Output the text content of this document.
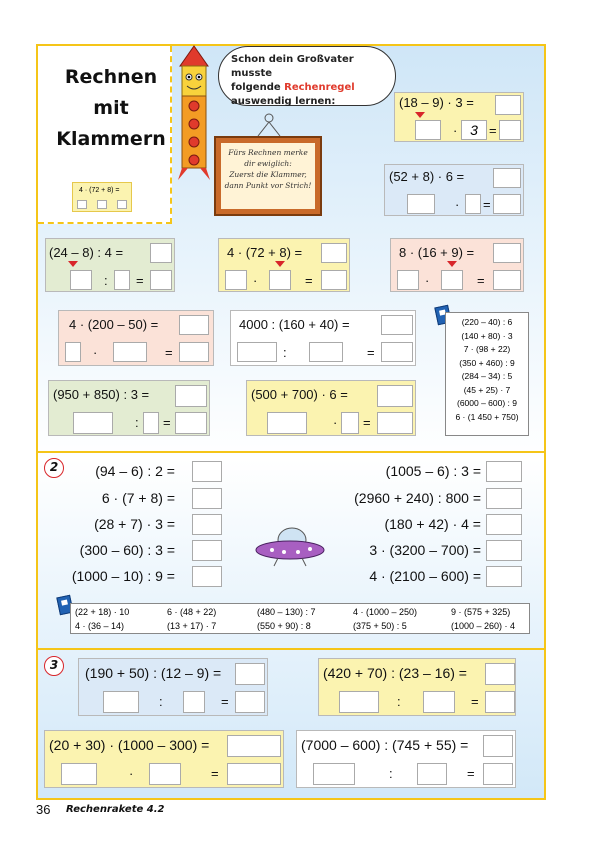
Rechnen
mit
Klammern
4 · (72 + 8) =
Schon dein Großvater musste
folgende Rechenregel
auswendig lernen:
Fürs Rechnen merke
dir ewiglich:
Zuerst die Klammer,
dann Punkt vor Strich!
(18 – 9) · 3 =
· 3 =
(52 + 8) · 6 =
· =
(24 – 8) : 4 =
: =
4 · (72 + 8) =
·	=
8 · (16 + 9) =
·	=
4 · (200 – 50) =
·	=
4000 : (160 + 40) =
:	=
(950 + 850) : 3 =
: =
(500 + 700) · 6 =
· =
(220 – 40) : 6
(140 + 80) · 3
7 · (98 + 22)
(350 + 460) : 9
(284 – 34) : 5
(45 + 25) · 7
(6000 – 600) : 9
6 · (1 450 + 750)
2	(94 – 6) : 2 =
6 · (7 + 8) =
(28 + 7) · 3 =
(300 – 60) : 3 =
(1000 – 10) : 9 =
(1005 – 6) : 3 =
(2960 + 240) : 800 =
(180 + 42) · 4 =
3 · (3200 – 700) =
4 · (2100 – 600) =
(22 + 18) · 10	6 · (48 + 22)	(480 – 130) : 7	4 · (1000 – 250)	9 · (575 + 325)
4 · (36 – 14)	(13 + 17) · 7	(550 + 90) : 8	(375 + 50) : 5	(1000 – 260) · 4
3	(190 + 50) : (12 – 9) =
:	=
(420 + 70) : (23 – 16) =
:	=
(20 + 30) · (1000 – 300) =
·	=
(7000 – 600) : (745 + 55) =
:	=
36 Rechenrakete 4.2
